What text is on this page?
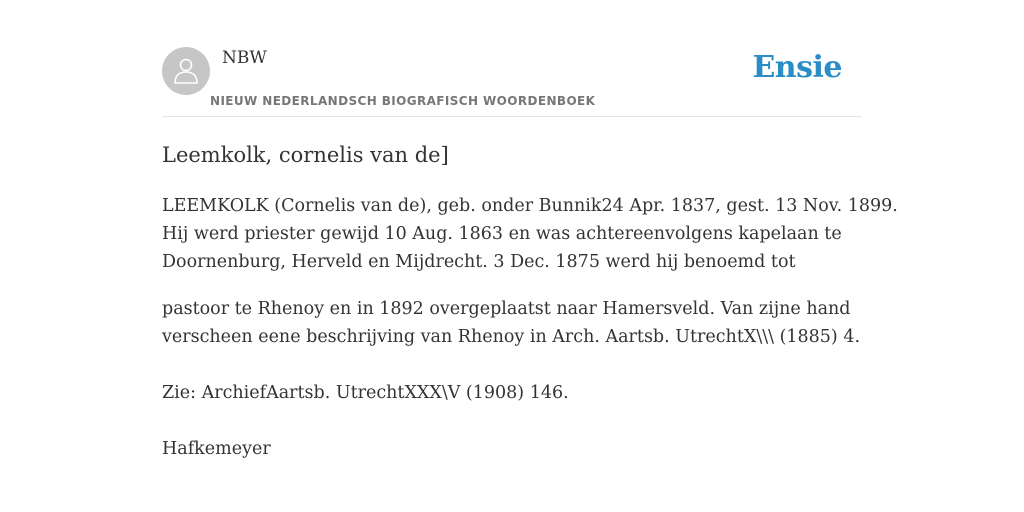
NBW
NIEUW NEDERLANDSCH BIOGRAFISCH WOORDENBOEK
Ensie
Leemkolk, cornelis van de]
LEEMKOLK (Cornelis van de), geb. onder Bunnik24 Apr. 1837, gest. 13 Nov. 1899.
Hij werd priester gewijd 10 Aug. 1863 en was achtereenvolgens kapelaan te
Doornenburg, Herveld en Mijdrecht. 3 Dec. 1875 werd hij benoemd tot
pastoor te Rhenoy en in 1892 overgeplaatst naar Hamersveld. Van zijne hand
verscheen eene beschrijving van Rhenoy in Arch. Aartsb. UtrechtX\\\ (1885) 4.
Zie: ArchiefAartsb. UtrechtXXX\V (1908) 146.
Hafkemeyer
